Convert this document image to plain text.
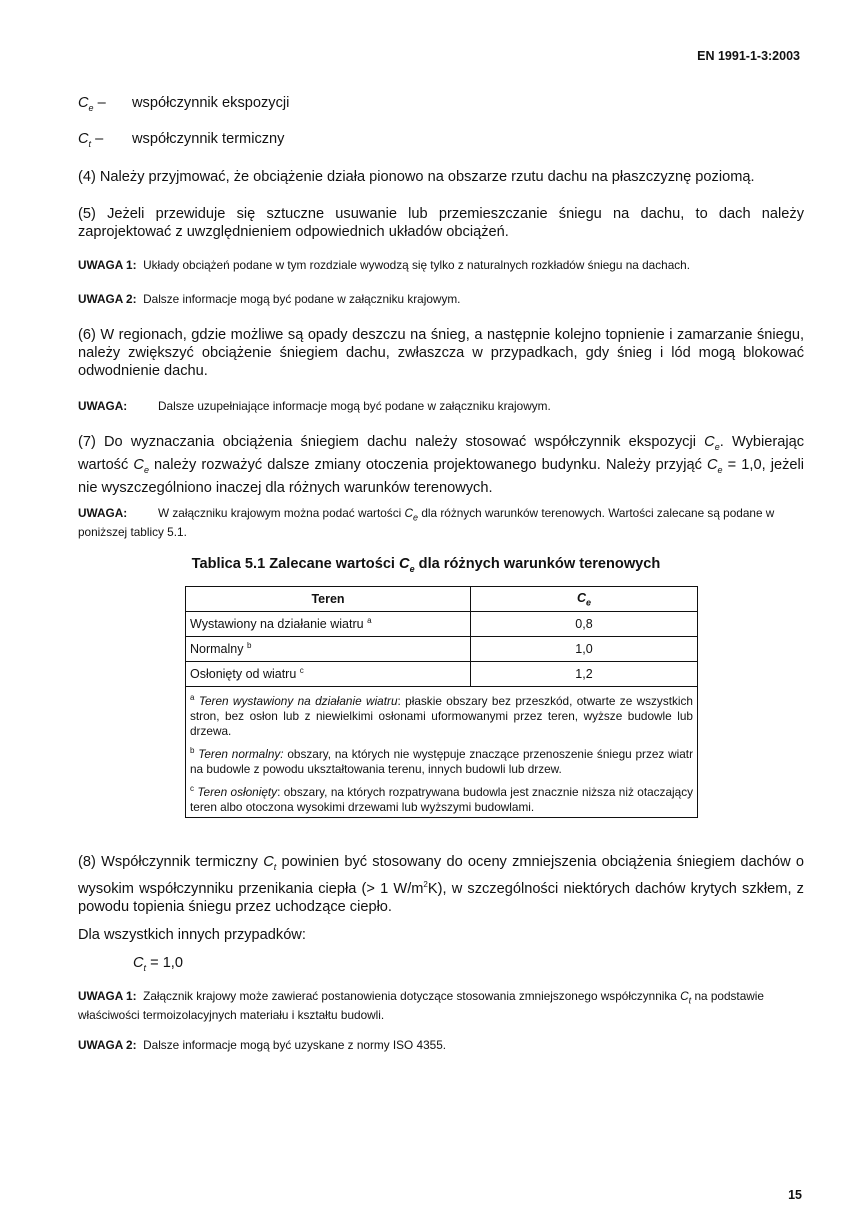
EN 1991-1-3:2003
$C_e$ – współczynnik ekspozycji
$C_t$ – współczynnik termiczny
(4) Należy przyjmować, że obciążenie działa pionowo na obszarze rzutu dachu na płaszczyznę poziomą.
(5) Jeżeli przewiduje się sztuczne usuwanie lub przemieszczanie śniegu na dachu, to dach należy zaprojektować z uwzględnieniem odpowiednich układów obciążeń.
UWAGA 1: Układy obciążeń podane w tym rozdziale wywodzą się tylko z naturalnych rozkładów śniegu na dachach.
UWAGA 2: Dalsze informacje mogą być podane w załączniku krajowym.
(6) W regionach, gdzie możliwe są opady deszczu na śnieg, a następnie kolejno topnienie i zamarzanie śniegu, należy zwiększyć obciążenie śniegiem dachu, zwłaszcza w przypadkach, gdy śnieg i lód mogą blokować odwodnienie dachu.
UWAGA:	Dalsze uzupełniające informacje mogą być podane w załączniku krajowym.
(7) Do wyznaczania obciążenia śniegiem dachu należy stosować współczynnik ekspozycji $C_e$. Wybierając wartość $C_e$ należy rozważyć dalsze zmiany otoczenia projektowanego budynku. Należy przyjąć $C_e = 1,0$, jeżeli nie wyszczególniono inaczej dla różnych warunków terenowych.
UWAGA:	W załączniku krajowym można podać wartości $C_e$ dla różnych warunków terenowych. Wartości zalecane są podane w poniższej tablicy 5.1.
Tablica 5.1 Zalecane wartości $C_e$ dla różnych warunków terenowych
Teren	$C_e$
Wystawiony na działanie wiatru $^a$	0,8
Normalny $^b$	1,0
Osłonięty od wiatru $^c$	1,2

$^a$ Teren wystawiony na działanie wiatru: płaskie obszary bez przeszkód, otwarte ze wszystkich stron, bez osłon lub z niewielkimi osłonami uformowanymi przez teren, wyższe budowle lub drzewa.

$^b$ Teren normalny: obszary, na których nie występuje znaczące przenoszenie śniegu przez wiatr na budowle z powodu ukształtowania terenu, innych budowli lub drzew.

$^c$ Teren osłonięty: obszary, na których rozpatrywana budowla jest znacznie niższa niż otaczający teren albo otoczona wysokimi drzewami lub wyższymi budowlami.	

(8) Współczynnik termiczny $C_t$ powinien być stosowany do oceny zmniejszenia obciążenia śniegiem dachów o wysokim współczynniku przenikania ciepła (> 1 $W/m^2K$), w szczególności niektórych dachów krytych szkłem, z powodu topienia śniegu przez uchodzące ciepło.
Dla wszystkich innych przypadków:
$C_t = 1,0$
UWAGA 1: Załącznik krajowy może zawierać postanowienia dotyczące stosowania zmniejszonego współczynnika $C_t$ na podstawie właściwości termoizolacyjnych materiału i kształtu budowli.
UWAGA 2: Dalsze informacje mogą być uzyskane z normy ISO 4355.
15
